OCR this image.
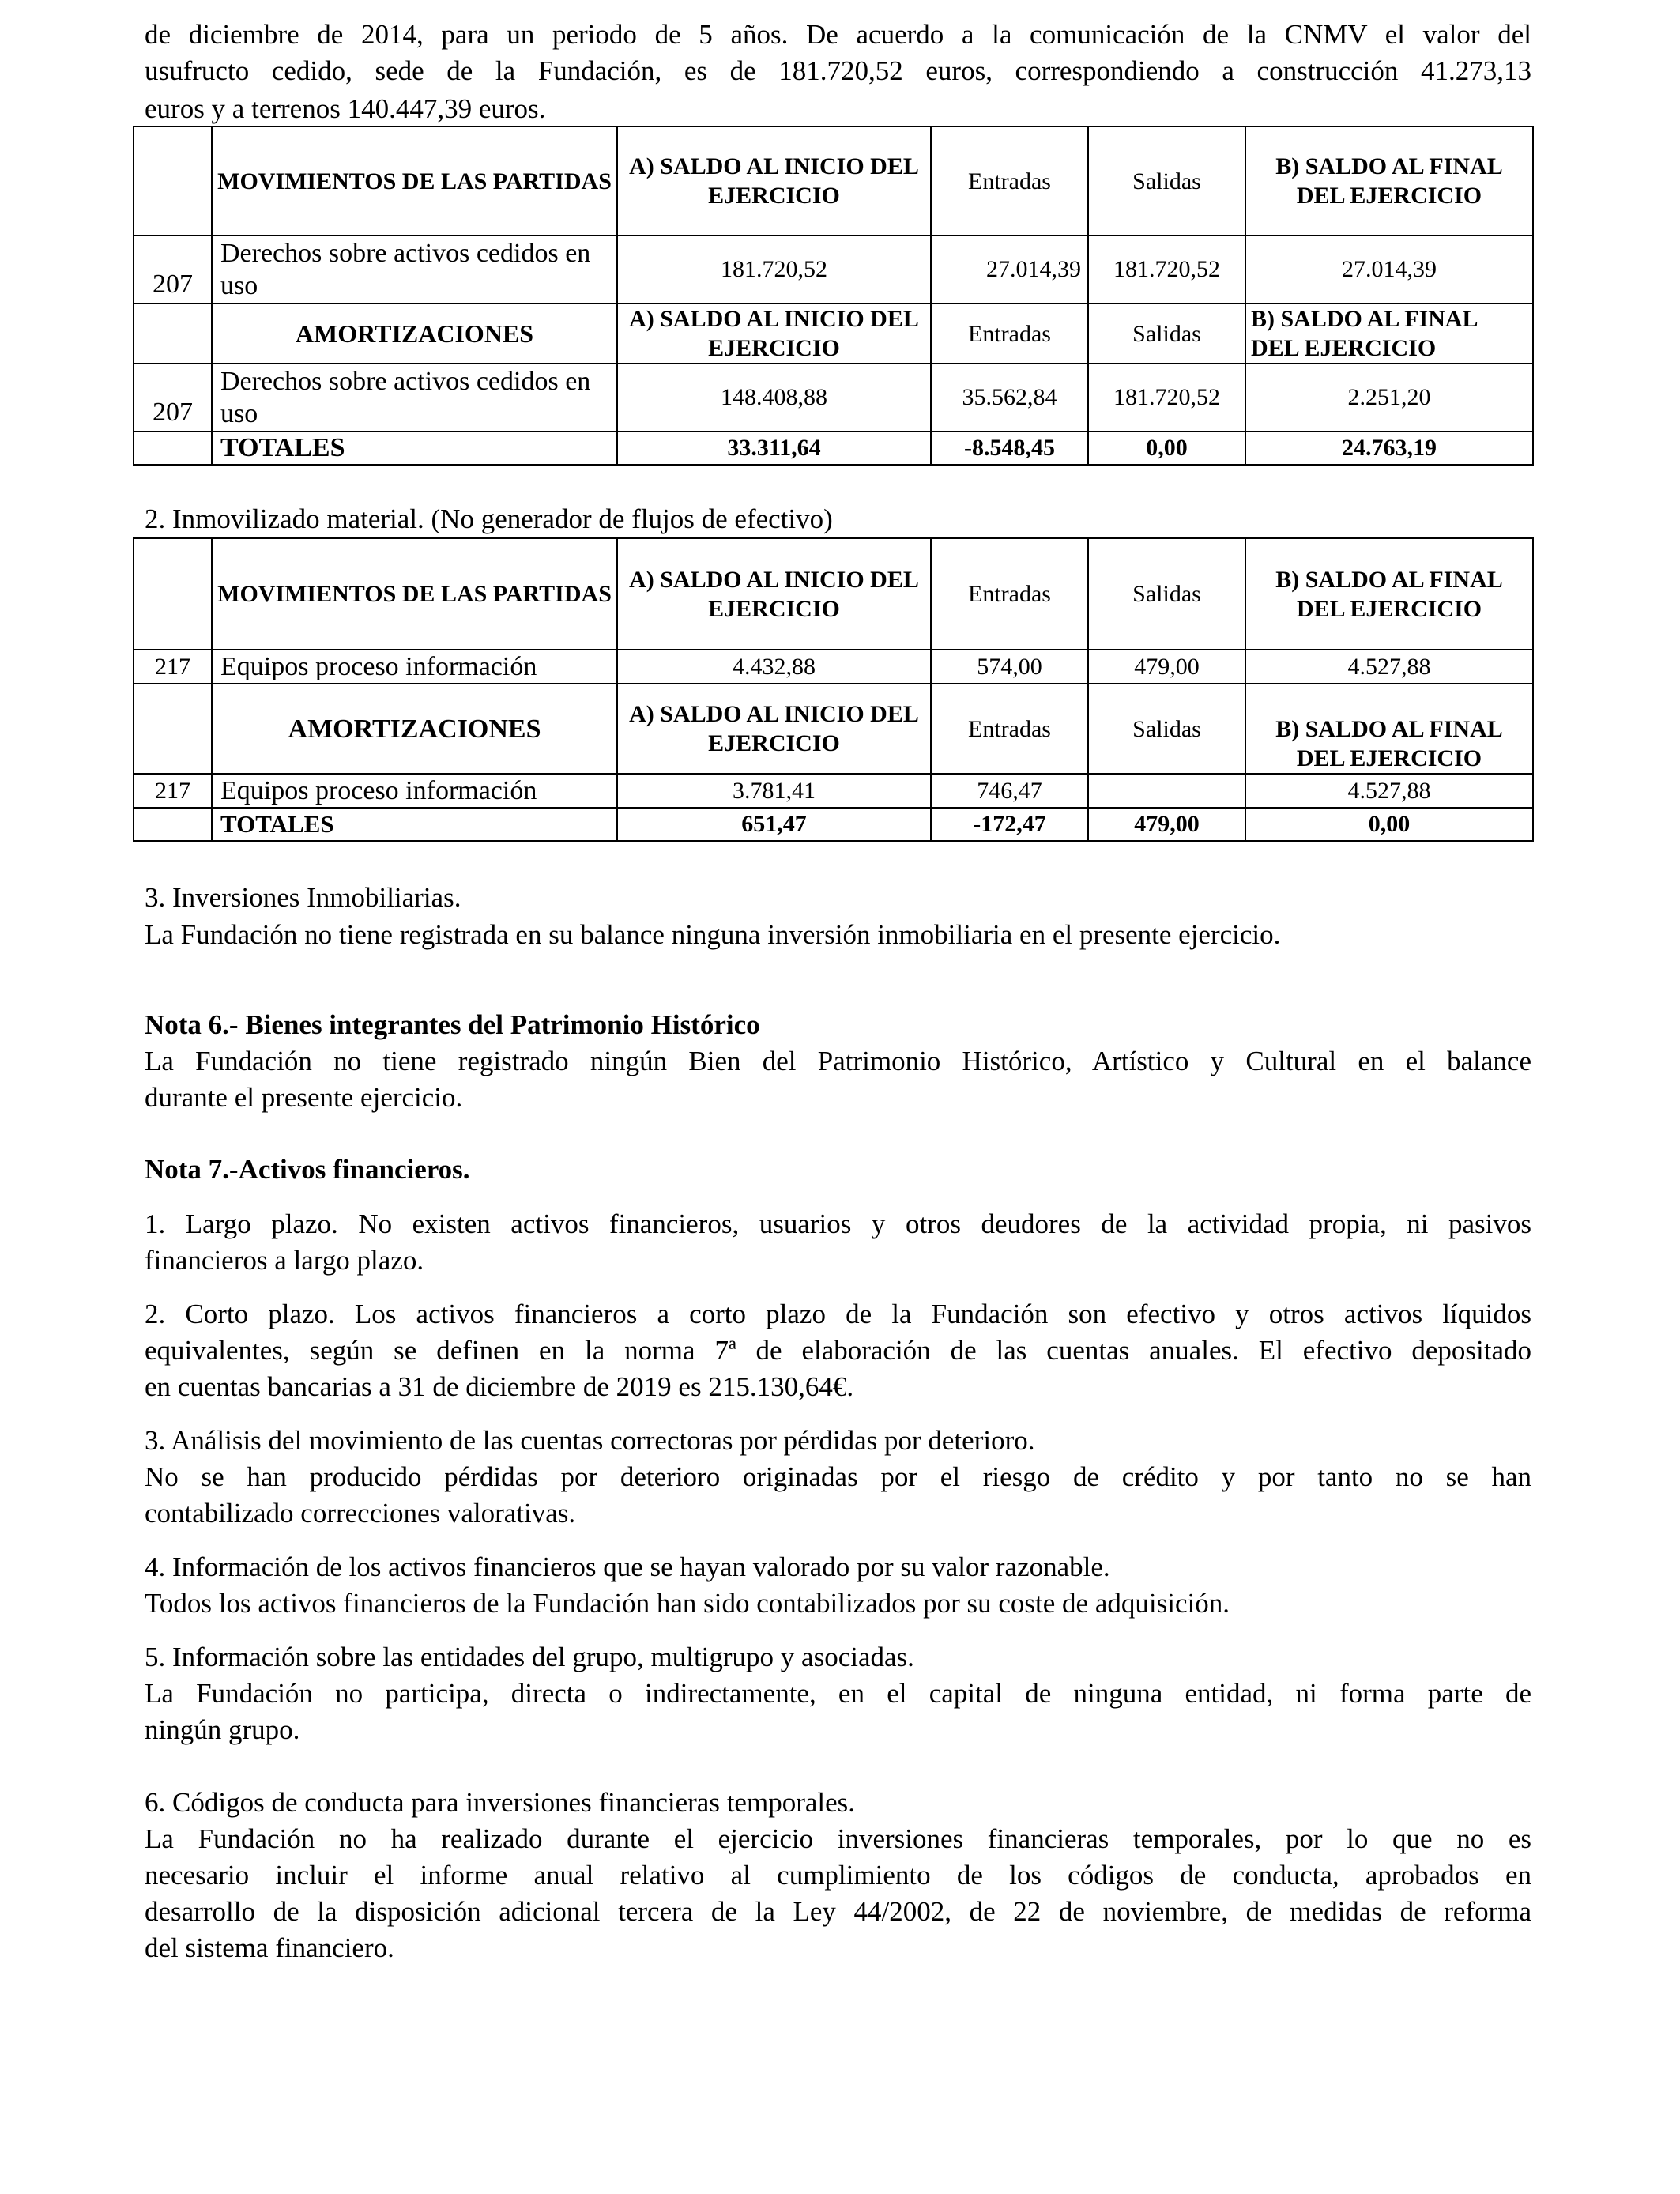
de diciembre de 2014, para un periodo de 5 años. De acuerdo a la comunicación de la CNMV el valor del
usufructo cedido, sede de la Fundación, es de 181.720,52 euros, correspondiendo a construcción 41.273,13
euros y a terrenos 140.447,39 euros.
	MOVIMIENTOS DE LAS PARTIDAS	A) SALDO AL INICIO DEL EJERCICIO	Entradas	Salidas	B) SALDO AL FINAL DEL EJERCICIO
207	Derechos sobre activos cedidos en uso	181.720,52	27.014,39	181.720,52	27.014,39
	AMORTIZACIONES	A) SALDO AL INICIO DEL EJERCICIO	Entradas	Salidas	B) SALDO AL FINAL DEL EJERCICIO
207	Derechos sobre activos cedidos en uso	148.408,88	35.562,84	181.720,52	2.251,20
	TOTALES	33.311,64	-8.548,45	0,00	24.763,19
2. Inmovilizado material. (No generador de flujos de efectivo)
	MOVIMIENTOS DE LAS PARTIDAS	A) SALDO AL INICIO DEL EJERCICIO	Entradas	Salidas	B) SALDO AL FINAL DEL EJERCICIO
217	Equipos proceso información	4.432,88	574,00	479,00	4.527,88
	AMORTIZACIONES	A) SALDO AL INICIO DEL EJERCICIO	Entradas	Salidas	B) SALDO AL FINAL DEL EJERCICIO
217	Equipos proceso información	3.781,41	746,47		4.527,88
	TOTALES	651,47	-172,47	479,00	0,00
3. Inversiones Inmobiliarias.
La Fundación no tiene registrada en su balance ninguna inversión inmobiliaria en el presente ejercicio.
Nota 6.- Bienes integrantes del Patrimonio Histórico
La Fundación no tiene registrado ningún Bien del Patrimonio Histórico, Artístico y Cultural en el balance
durante el presente ejercicio.
Nota 7.-Activos financieros.
1. Largo plazo. No existen activos financieros, usuarios y otros deudores de la actividad propia, ni pasivos
financieros a largo plazo.
2. Corto plazo. Los activos financieros a corto plazo de la Fundación son efectivo y otros activos líquidos
equivalentes, según se definen en la norma 7ª de elaboración de las cuentas anuales. El efectivo depositado
en cuentas bancarias a 31 de diciembre de 2019 es 215.130,64€.
3. Análisis del movimiento de las cuentas correctoras por pérdidas por deterioro.
No se han producido pérdidas por deterioro originadas por el riesgo de crédito y por tanto no se han
contabilizado correcciones valorativas.
4. Información de los activos financieros que se hayan valorado por su valor razonable.
Todos los activos financieros de la Fundación han sido contabilizados por su coste de adquisición.
5. Información sobre las entidades del grupo, multigrupo y asociadas.
La Fundación no participa, directa o indirectamente, en el capital de ninguna entidad, ni forma parte de
ningún grupo.
6. Códigos de conducta para inversiones financieras temporales.
La Fundación no ha realizado durante el ejercicio inversiones financieras temporales, por lo que no es
necesario incluir el informe anual relativo al cumplimiento de los códigos de conducta, aprobados en
desarrollo de la disposición adicional tercera de la Ley 44/2002, de 22 de noviembre, de medidas de reforma
del sistema financiero.
